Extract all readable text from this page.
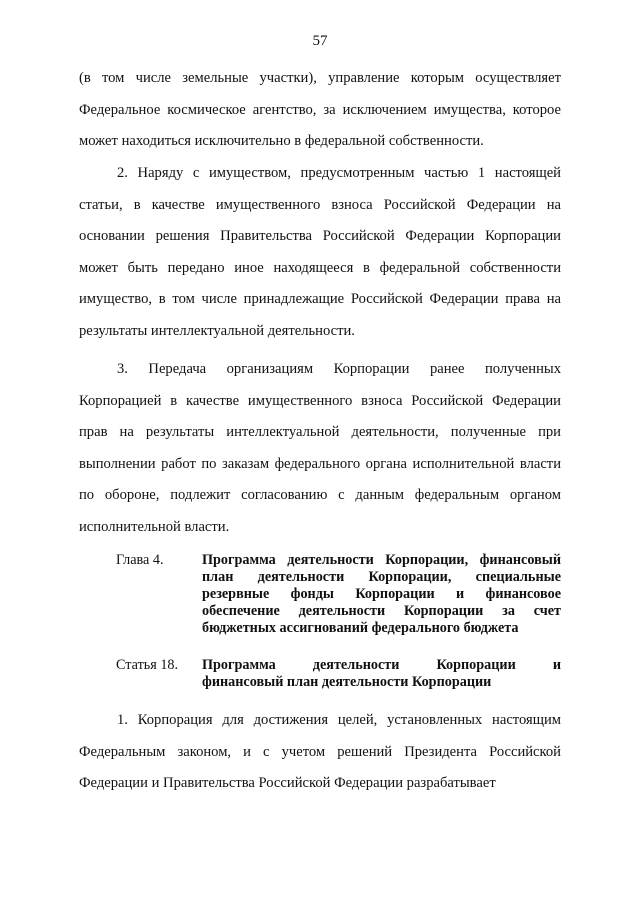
57

(в том числе земельные участки), управление которым осуществляет Федеральное космическое агентство, за исключением имущества, которое может находиться исключительно в федеральной собственности.

2. Наряду с имуществом, предусмотренным частью 1 настоящей статьи, в качестве имущественного взноса Российской Федерации на основании решения Правительства Российской Федерации Корпорации может быть передано иное находящееся в федеральной собственности имущество, в том числе принадлежащие Российской Федерации права на результаты интеллектуальной деятельности.

3. Передача организациям Корпорации ранее полученных Корпорацией в качестве имущественного взноса Российской Федерации прав на результаты интеллектуальной деятельности, полученные при выполнении работ по заказам федерального органа исполнительной власти по обороне, подлежит согласованию с данным федеральным органом исполнительной власти.

Глава 4.	Программа деятельности Корпорации, финансовый
план деятельности Корпорации, специальные
резервные фонды Корпорации и финансовое
обеспечение деятельности Корпорации за счет
бюджетных ассигнований федерального бюджета
Статья 18. Программа деятельности Корпорации и
финансовый план деятельности Корпорации

1. Корпорация для достижения целей, установленных настоящим Федеральным законом, и с учетом решений Президента Российской Федерации и Правительства Российской Федерации разрабатывает
